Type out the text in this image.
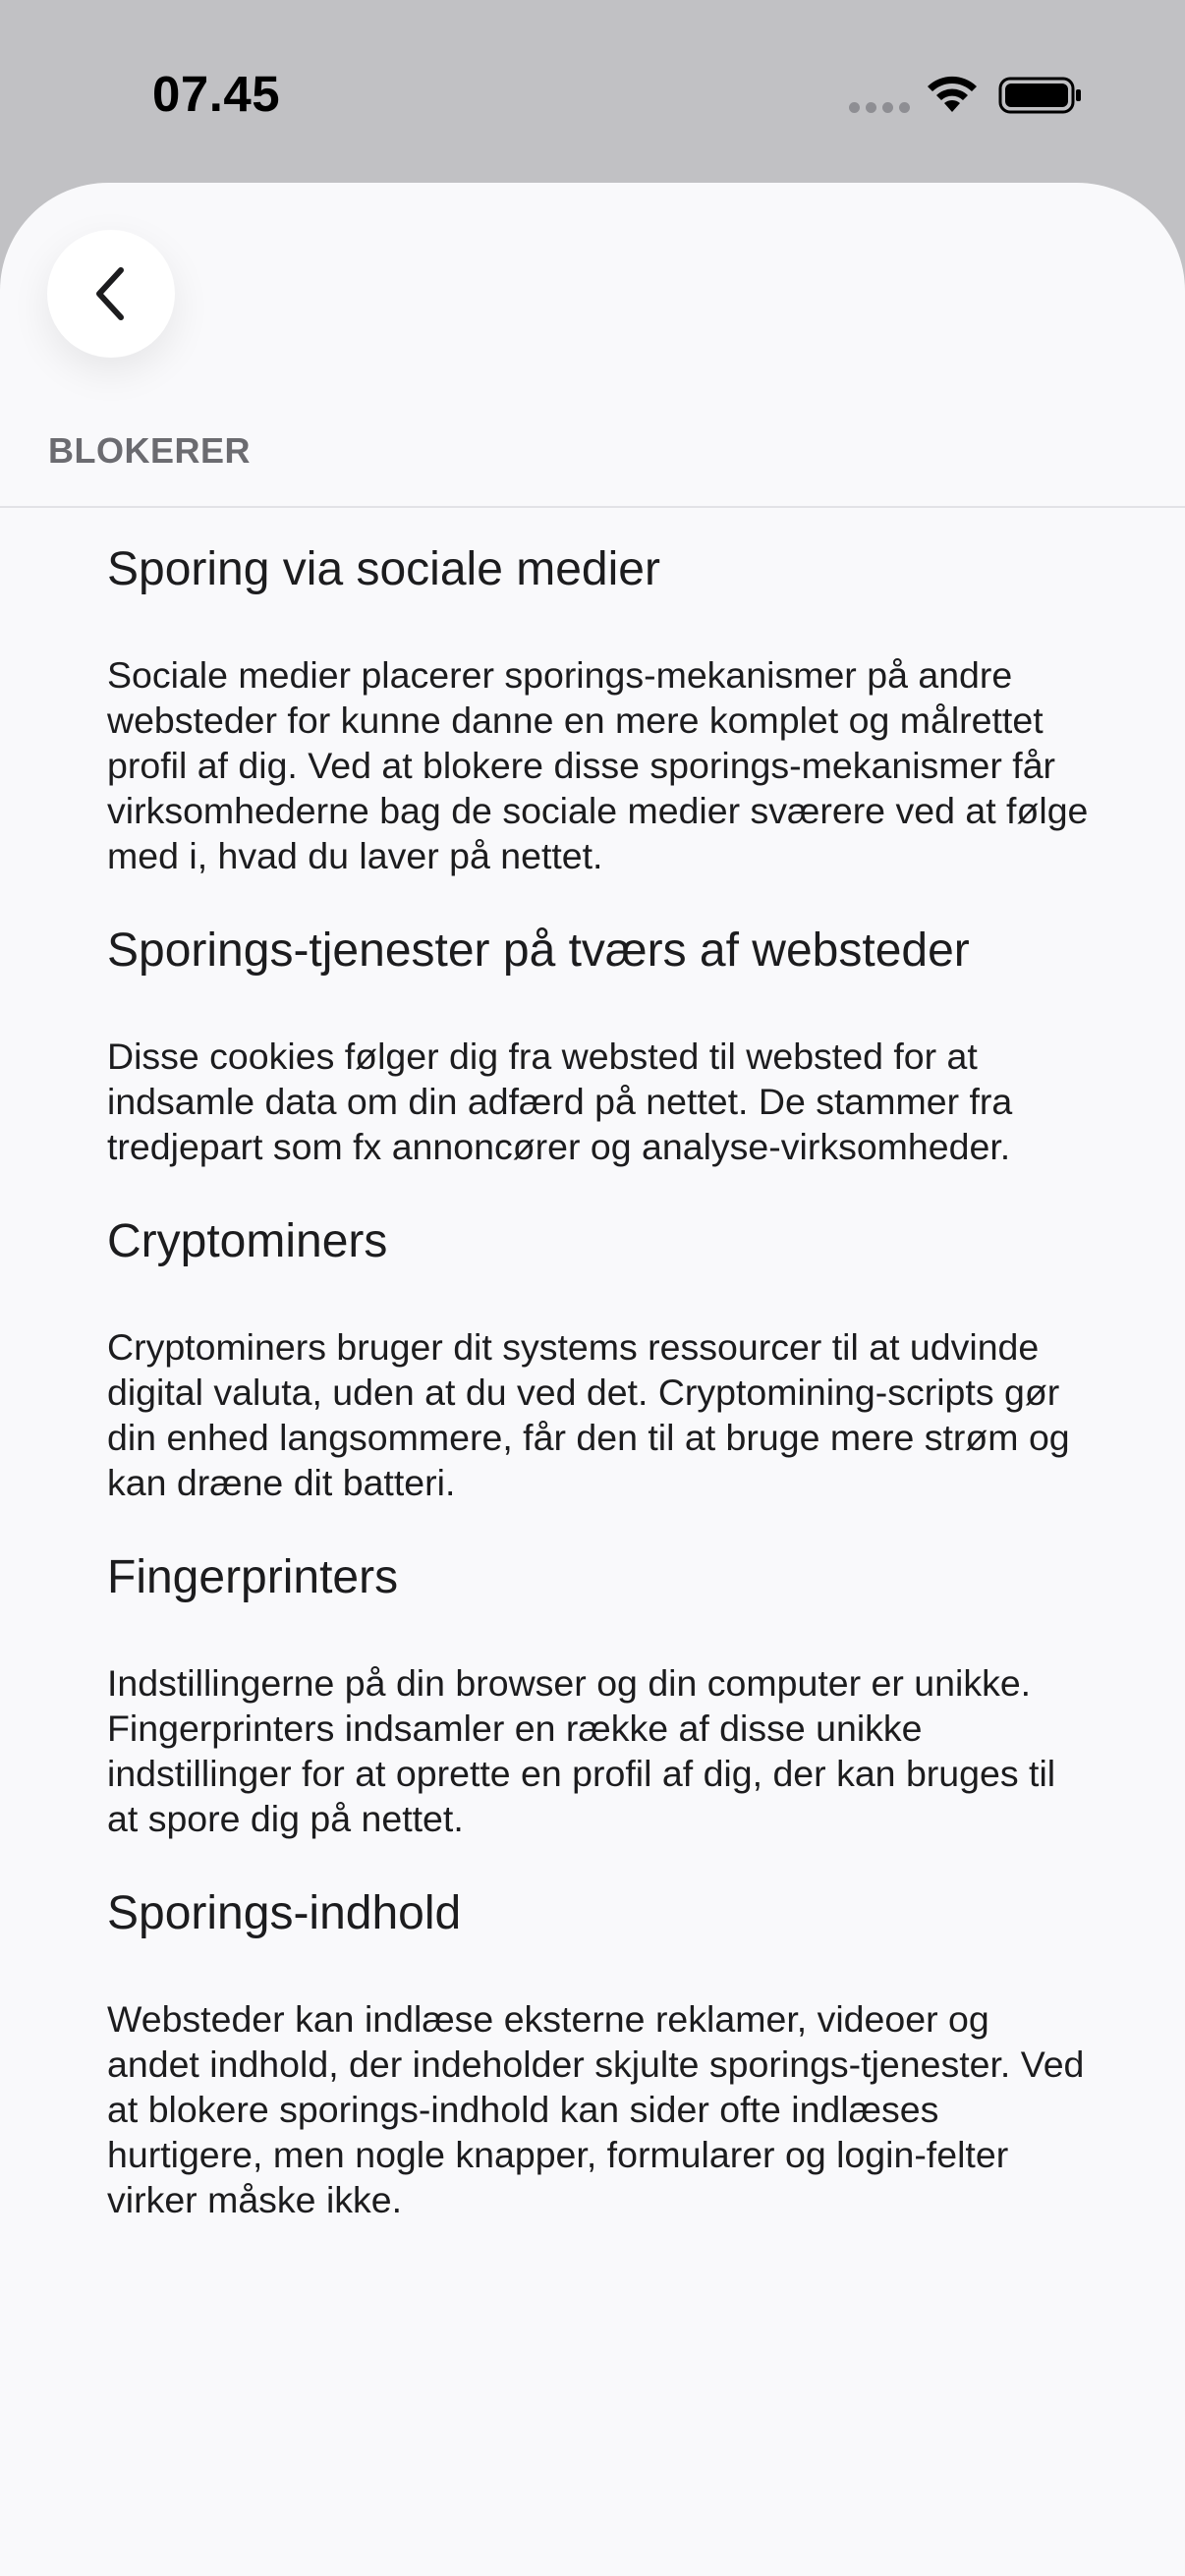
07.45
BLOKERER
Sporing via sociale medier

Sociale medier placerer sporings-mekanismer på andre websteder for kunne danne en mere komplet og målrettet profil af dig. Ved at blokere disse sporings-mekanismer får virksomhederne bag de sociale medier sværere ved at følge med i, hvad du laver på nettet.

Sporings-tjenester på tværs af websteder

Disse cookies følger dig fra websted til websted for at indsamle data om din adfærd på nettet. De stammer fra tredjepart som fx annoncører og analyse-virksomheder.

Cryptominers

Cryptominers bruger dit systems ressourcer til at udvinde digital valuta, uden at du ved det. Cryptomining-scripts gør din enhed langsommere, får den til at bruge mere strøm og kan dræne dit batteri.

Fingerprinters

Indstillingerne på din browser og din computer er unikke. Fingerprinters indsamler en række af disse unikke indstillinger for at oprette en profil af dig, der kan bruges til at spore dig på nettet.

Sporings-indhold

Websteder kan indlæse eksterne reklamer, videoer og andet indhold, der indeholder skjulte sporings-tjenester. Ved at blokere sporings-indhold kan sider ofte indlæses hurtigere, men nogle knapper, formularer og login-felter virker måske ikke.
